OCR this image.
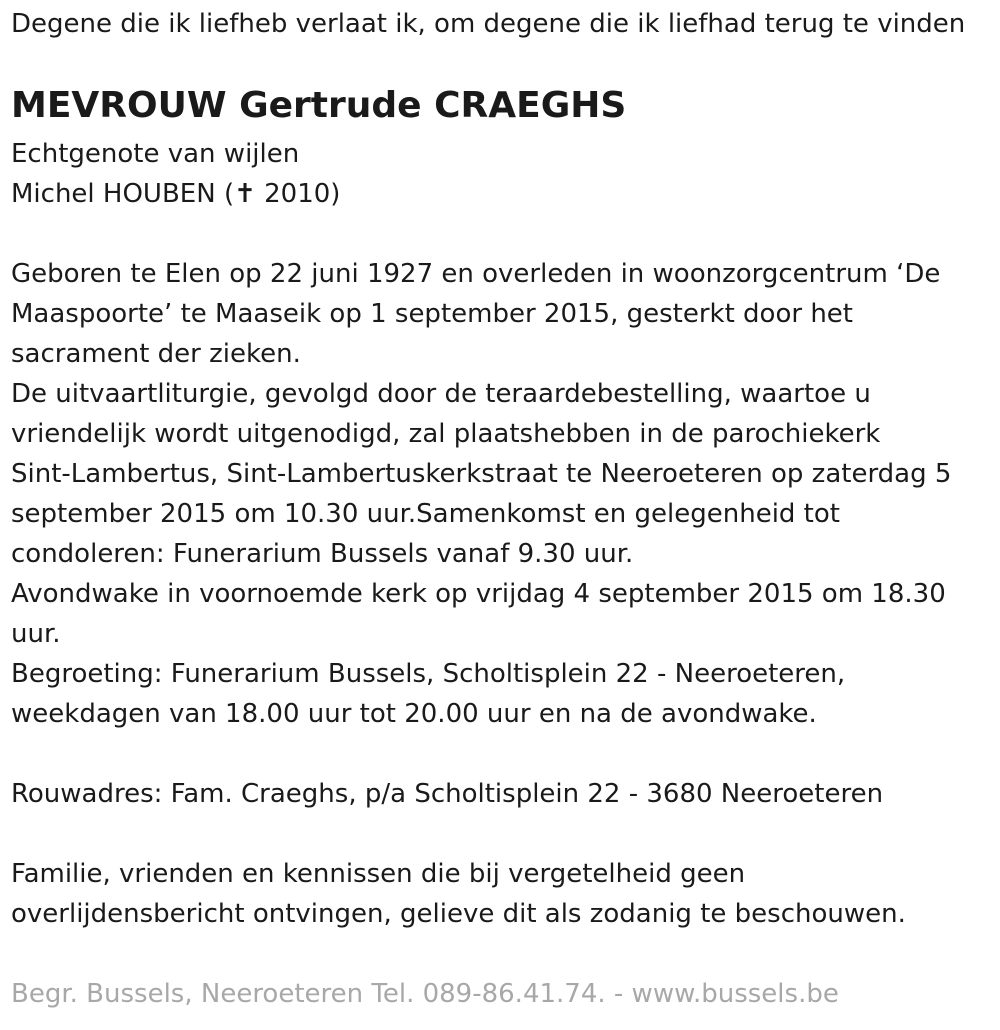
Degene die ik liefheb verlaat ik, om degene die ik liefhad terug te vinden
MEVROUW Gertrude CRAEGHS
Echtgenote van wijlen
Michel HOUBEN (✝ 2010)
Geboren te Elen op 22 juni 1927 en overleden in woonzorgcentrum ‘De
Maaspoorte’ te Maaseik op 1 september 2015, gesterkt door het
sacrament der zieken.
De uitvaartliturgie, gevolgd door de teraardebestelling, waartoe u
vriendelijk wordt uitgenodigd, zal plaatshebben in de parochiekerk
Sint-Lambertus, Sint-Lambertuskerkstraat te Neeroeteren op zaterdag 5
september 2015 om 10.30 uur.Samenkomst en gelegenheid tot
condoleren: Funerarium Bussels vanaf 9.30 uur.
Avondwake in voornoemde kerk op vrijdag 4 september 2015 om 18.30
uur.
Begroeting: Funerarium Bussels, Scholtisplein 22 - Neeroeteren,
weekdagen van 18.00 uur tot 20.00 uur en na de avondwake.
Rouwadres: Fam. Craeghs, p/a Scholtisplein 22 - 3680 Neeroeteren
Familie, vrienden en kennissen die bij vergetelheid geen
overlijdensbericht ontvingen, gelieve dit als zodanig te beschouwen.
Begr. Bussels, Neeroeteren Tel. 089-86.41.74. - www.bussels.be
